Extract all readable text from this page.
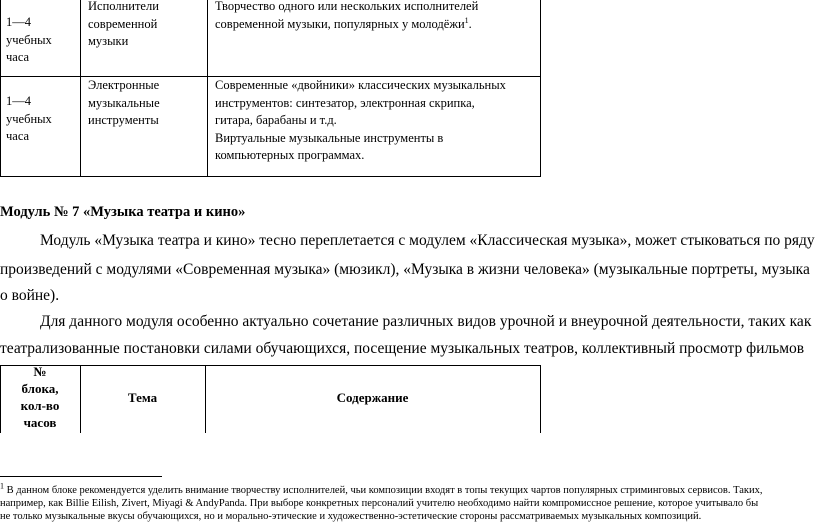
1—4
учебных
часа
Исполнители
современной
музыки
Творчество одного или нескольких исполнителей
современной музыки, популярных у молодёжи$^1$.
1—4
учебных
часа
Электронные
музыкальные
инструменты
Современные «двойники» классических музыкальных
инструментов: синтезатор, электронная скрипка,
гитара, барабаны и т.д.
Виртуальные музыкальные инструменты в
компьютерных программах.
Модуль № 7 «Музыка театра и кино»
Модуль «Музыка театра и кино» тесно переплетается с модулем «Классическая музыка», может стыковаться по ряду
произведений с модулями «Современная музыка» (мюзикл), «Музыка в жизни человека» (музыкальные портреты, музыка
о войне).
Для данного модуля особенно актуально сочетание различных видов урочной и внеурочной деятельности, таких как
театрализованные постановки силами обучающихся, посещение музыкальных театров, коллективный просмотр фильмов
№
блока,
кол-во
часов
Тема	Содержание
$^1$ В данном блоке рекомендуется уделить внимание творчеству исполнителей, чьи композиции входят в топы текущих чартов популярных стриминговых сервисов. Таких,
например, как Billie Eilish, Zivert, Miyagi & AndyPanda. При выборе конкретных персоналий учителю необходимо найти компромиссное решение, которое учитывало бы
не только музыкальные вкусы обучающихся, но и морально-этические и художественно-эстетические стороны рассматриваемых музыкальных композиций.
